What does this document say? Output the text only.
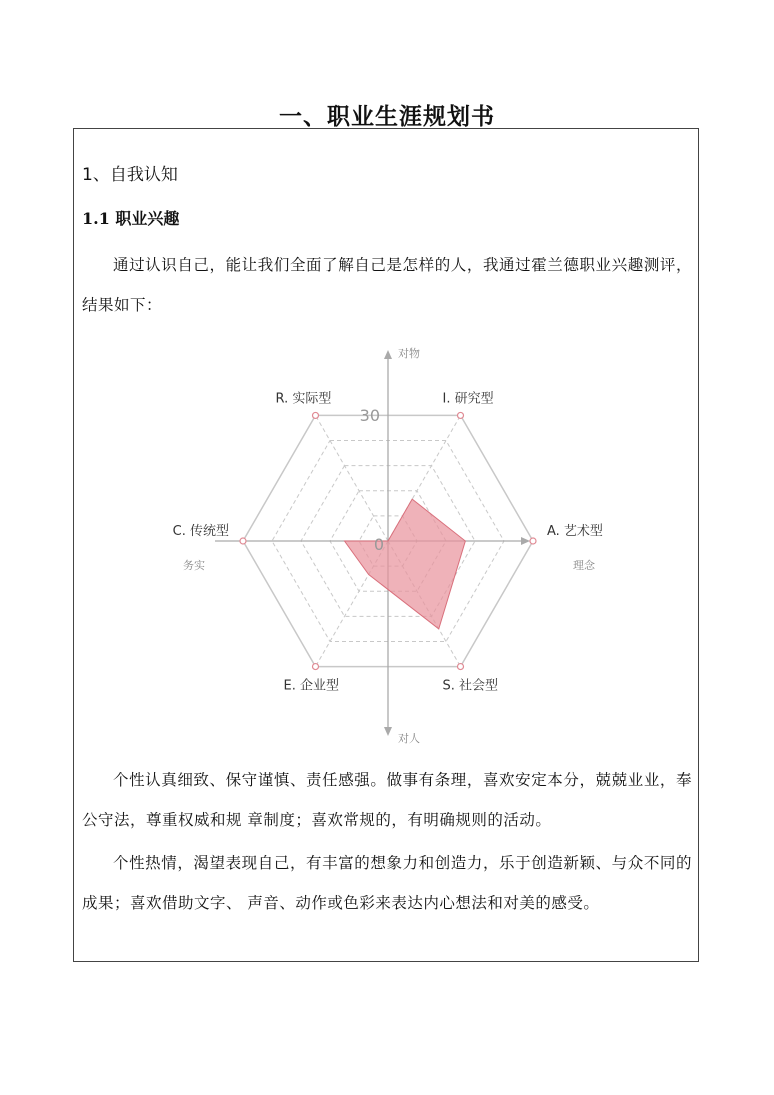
一、职业生涯规划书
1、自我认知
1.1 职业兴趣

通过认识自己，能让我们全面了解自己是怎样的人，我通过霍兰德职业兴趣测评，结果如下：

R. 实际型	I. 研究型
A. 艺术型
S. 社会型
E. 企业型
C. 传统型
对物
对人
务实	理念
30
0

个性认真细致、保守谨慎、责任感强。做事有条理，喜欢安定本分，兢兢业业，奉公守法，尊重权威和规 章制度；喜欢常规的，有明确规则的活动。

个性热情，渴望表现自己，有丰富的想象力和创造力，乐于创造新颖、与众不同的成果；喜欢借助文字、 声音、动作或色彩来表达内心想法和对美的感受。
